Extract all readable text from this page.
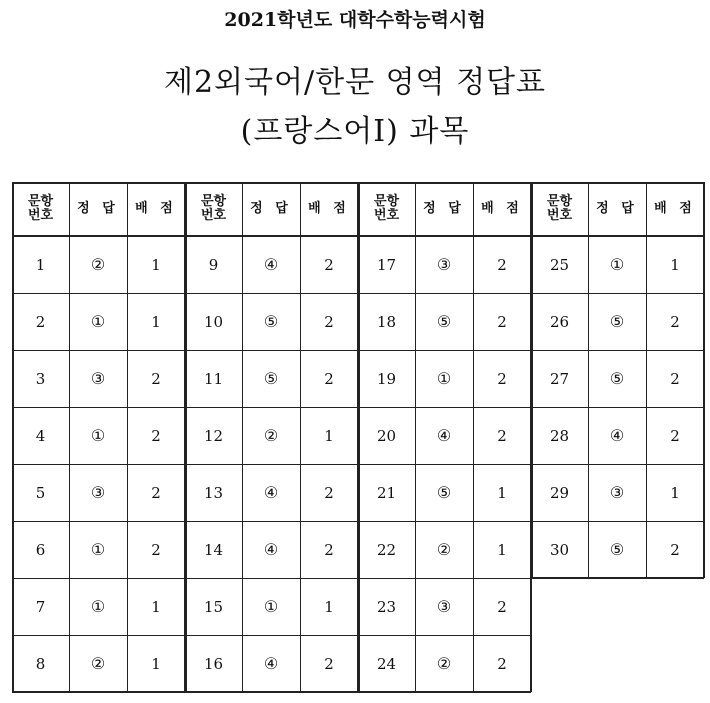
2021학년도 대학수학능력시험
제2외국어/한문 영역 정답표
(프랑스어Ⅰ) 과목
문항
번호	정 답	배 점
1	②	1
2	①	1
3	③	2
4	①	2
5	③	2
6	①	2
7	①	1
8	②	1
문항
번호	정 답	배 점
9	④	2
10	⑤	2
11	⑤	2
12	②	1
13	④	2
14	④	2
15	①	1
16	④	2
문항
번호	정 답	배 점
17	③	2
18	⑤	2
19	①	2
20	④	2
21	⑤	1
22	②	1
23	③	2
24	②	2
문항
번호	정 답	배 점
25	①	1
26	⑤	2
27	⑤	2
28	④	2
29	③	1
30	⑤	2
